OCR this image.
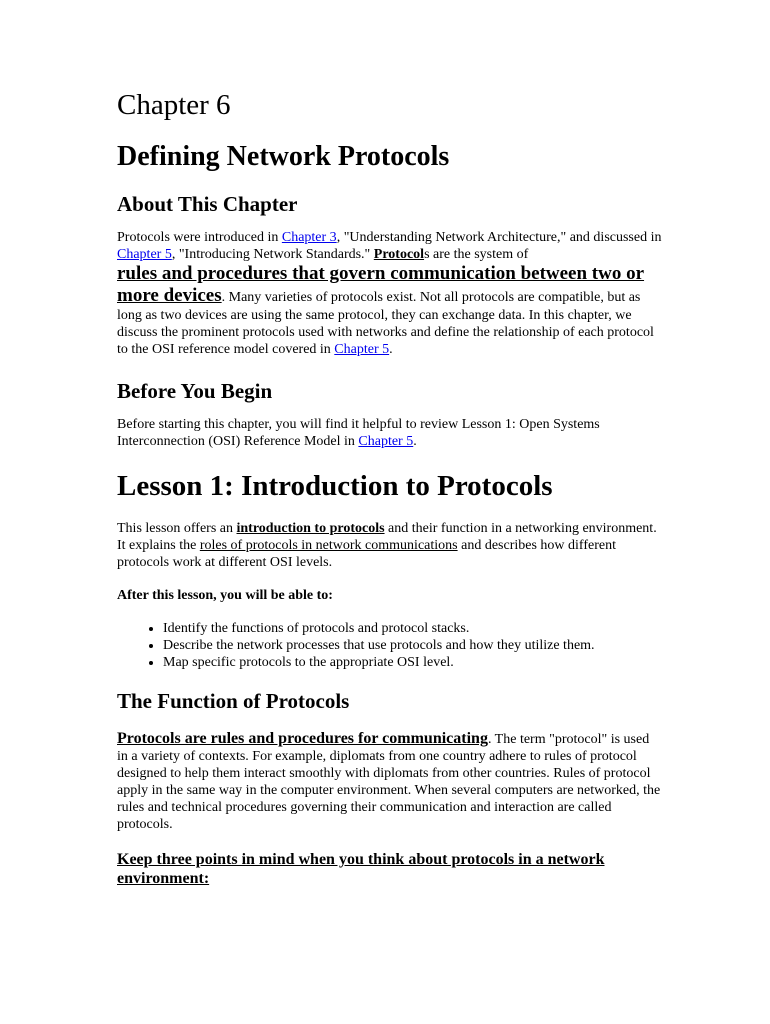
Chapter 6
Defining Network Protocols
About This Chapter

Protocols were introduced in Chapter 3, "Understanding Network Architecture," and discussed in Chapter 5, "Introducing Network Standards." Protocols are the system of
rules and procedures that govern communication between two or more devices. Many varieties of protocols exist. Not all protocols are compatible, but as long as two devices are using the same protocol, they can exchange data. In this chapter, we discuss the prominent protocols used with networks and define the relationship of each protocol to the OSI reference model covered in Chapter 5.

Before You Begin

Before starting this chapter, you will find it helpful to review Lesson 1: Open Systems Interconnection (OSI) Reference Model in Chapter 5.

Lesson 1: Introduction to Protocols

This lesson offers an introduction to protocols and their function in a networking environment. It explains the roles of protocols in network communications and describes how different protocols work at different OSI levels.

After this lesson, you will be able to:

• Identify the functions of protocols and protocol stacks.
• Describe the network processes that use protocols and how they utilize them.
• Map specific protocols to the appropriate OSI level.
The Function of Protocols

Protocols are rules and procedures for communicating. The term "protocol" is used in a variety of contexts. For example, diplomats from one country adhere to rules of protocol designed to help them interact smoothly with diplomats from other countries. Rules of protocol apply in the same way in the computer environment. When several computers are networked, the rules and technical procedures governing their communication and interaction are called protocols.

Keep three points in mind when you think about protocols in a network environment:
